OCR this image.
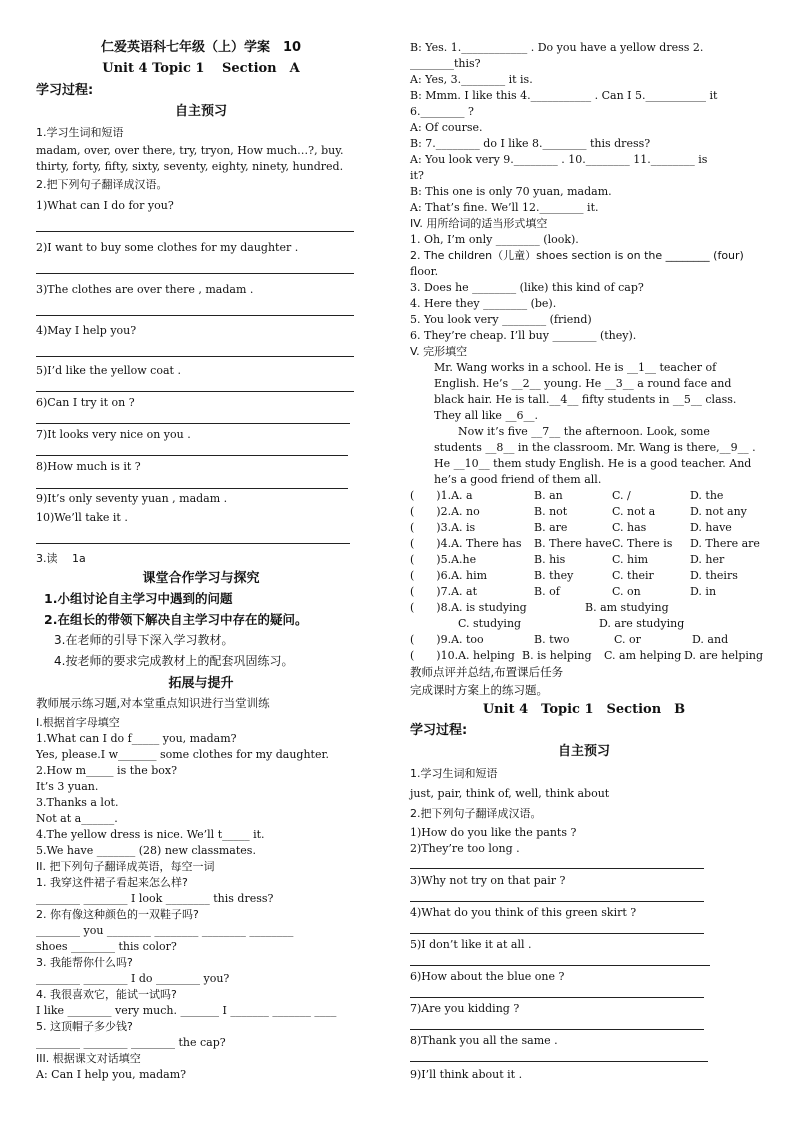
仁爱英语科七年级（上）学案　10
Unit 4 Topic 1　 Section　A
学习过程:
自主预习
1.学习生词和短语
madam, over, over there, try, tryon, How much…?, buy.
thirty, forty, fifty, sixty, seventy, eighty, ninety, hundred.
2.把下列句子翻译成汉语。
1)What can I do for you?
2)I want to buy some clothes for my daughter .
3)The clothes are over there , madam .
4)May I help you?
5)I’d like the yellow coat .
6)Can I try it on ?
7)It looks very nice on you .
8)How much is it ?
9)It’s only seventy yuan , madam .
10)We’ll take it .
3.读　 1a
课堂合作学习与探究
1.小组讨论自主学习中遇到的问题
2.在组长的带领下解决自主学习中存在的疑问。
3.在老师的引导下深入学习教材。
4.按老师的要求完成教材上的配套巩固练习。
拓展与提升
教师展示练习题,对本堂重点知识进行当堂训练
I.根据首字母填空
1.What can I do f_____ you, madam?
Yes, please.I w_______ some clothes for my daughter.
2.How m_____ is the box?
It’s 3 yuan.
3.Thanks a lot.
Not at a______.
4.The yellow dress is nice. We’ll t_____ it.
5.We have _______ (28) new classmates.
II. 把下列句子翻译成英语，每空一词
1. 我穿这件裙子看起来怎么样?
________ ________ I look ________ this dress?
2. 你有像这种颜色的一双鞋子吗?
________ you ________ ________ ________ ________
shoes ________ this color?
3. 我能帮你什么吗?
________ ________ I do ________ you?
4. 我很喜欢它，能试一试吗?
I like ________ very much. _______ I _______ _______ ____
5. 这顶帽子多少钱?
________ ________ ________ the cap?
III. 根据课文对话填空
A: Can I help you, madam?
B: Yes. 1.____________ . Do you have a yellow dress 2.
________this?
A: Yes, 3.________ it is.
B: Mmm. I like this 4.___________ . Can I 5.___________ it
6.________ ?
A: Of course.
B: 7.________ do I like 8.________ this dress?
A: You look very 9.________ . 10.________ 11.________ is
it?
B: This one is only 70 yuan, madam.
A: That’s fine. We’ll 12.________ it.
IV. 用所给词的适当形式填空
1. Oh, I’m only ________ (look).
2. The children（儿童）shoes section is on the ________ (four)
floor.
3. Does he ________ (like) this kind of cap?
4. Here they ________ (be).
5. You look very ________ (friend)
6. They’re cheap. I’ll buy ________ (they).
V. 完形填空
Mr. Wang works in a school. He is __1__ teacher of
English. He’s __2__ young. He __3__ a round face and
black hair. He is tall.__4__ fifty students in __5__ class.
They all like __6__.
Now it’s five __7__ the afternoon. Look, some
students __8__ in the classroom. Mr. Wang is there,__9__ .
He __10__ them study English. He is a good teacher. And
he’s a good friend of them all.
(　　)1.A. a	B. an	C. /	D. the
(　　)2.A. no	B. not	C. not a	D. not any
(　　)3.A. is	B. are	C. has	D. have
(　　)4.A. There has B. There have C. There is D. There are
(　　)5.A.he	B. his	C. him	D. her
(　　)6.A. him	B. they	C. their	D. theirs
(　　)7.A. at	B. of	C. on	D. in
(　　)8.A. is studying	B. am studying
C. studying	D. are studying
(　　)9.A. too	B. two	C. or	D. and
(　　)10.A. helping B. is helping C. am helping D. are helping
教师点评并总结,布置课后任务
完成课时方案上的练习题。
Unit 4　Topic 1　Section　B
学习过程:
自主预习
1.学习生词和短语
just, pair, think of, well, think about
2.把下列句子翻译成汉语。
1)How do you like the pants ?
2)They’re too long .
3)Why not try on that pair ?
4)What do you think of this green skirt ?
5)I don’t like it at all .
6)How about the blue one ?
7)Are you kidding ?
8)Thank you all the same .
9)I’ll think about it .
